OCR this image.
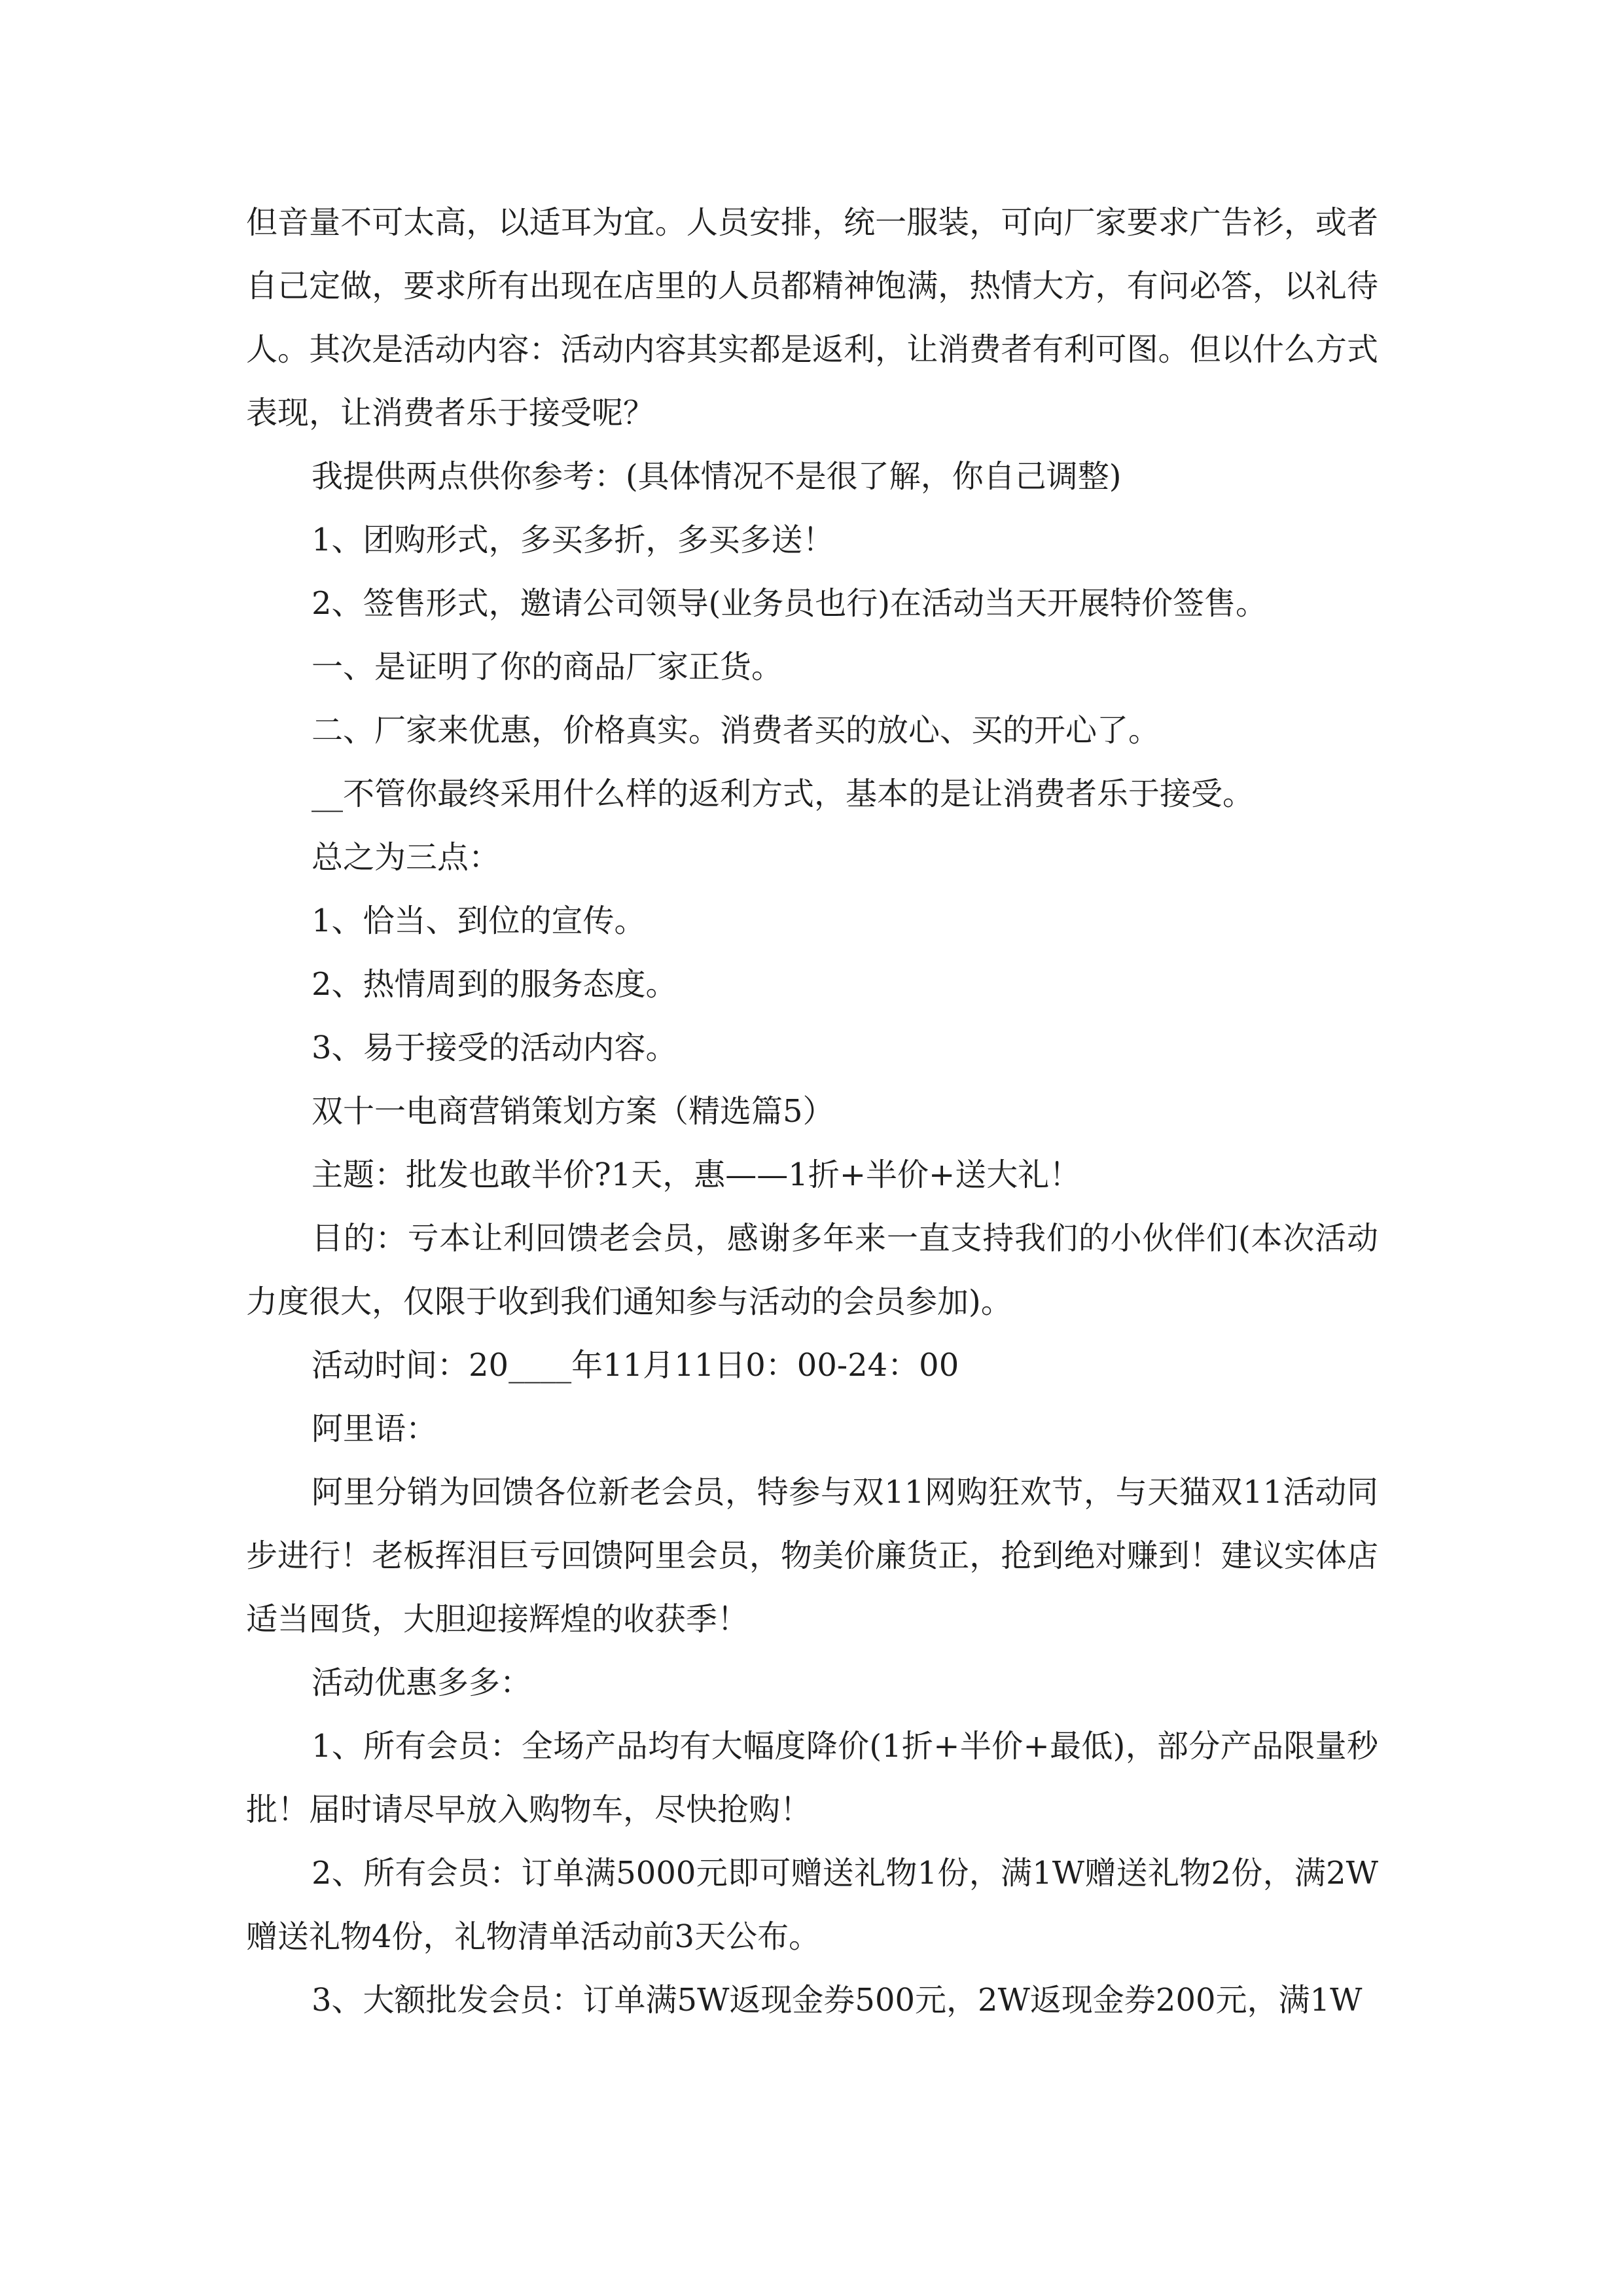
但音量不可太高，以适耳为宜。人员安排，统一服装，可向厂家要求广告衫，或者自己定做，要求所有出现在店里的人员都精神饱满，热情大方，有问必答，以礼待人。其次是活动内容：活动内容其实都是返利，让消费者有利可图。但以什么方式表现，让消费者乐于接受呢？

我提供两点供你参考：(具体情况不是很了解，你自己调整)

1、团购形式，多买多折，多买多送！

2、签售形式，邀请公司领导(业务员也行)在活动当天开展特价签售。

一、是证明了你的商品厂家正货。

二、厂家来优惠，价格真实。消费者买的放心、买的开心了。

__不管你最终采用什么样的返利方式，基本的是让消费者乐于接受。

总之为三点：

1、恰当、到位的宣传。

2、热情周到的服务态度。

3、易于接受的活动内容。

双十一电商营销策划方案（精选篇5）

主题：批发也敢半价?1天，惠——1折+半价+送大礼！

目的：亏本让利回馈老会员，感谢多年来一直支持我们的小伙伴们(本次活动力度很大，仅限于收到我们通知参与活动的会员参加)。

活动时间：20____年11月11日0：00-24：00

阿里语：

阿里分销为回馈各位新老会员，特参与双11网购狂欢节，与天猫双11活动同步进行！老板挥泪巨亏回馈阿里会员，物美价廉货正，抢到绝对赚到！建议实体店适当囤货，大胆迎接辉煌的收获季！

活动优惠多多：

1、所有会员：全场产品均有大幅度降价(1折+半价+最低)，部分产品限量秒批！届时请尽早放入购物车，尽快抢购！

2、所有会员：订单满5000元即可赠送礼物1份，满1W赠送礼物2份，满2W赠送礼物4份，礼物清单活动前3天公布。

3、大额批发会员：订单满5W返现金券500元，2W返现金券200元，满1W
